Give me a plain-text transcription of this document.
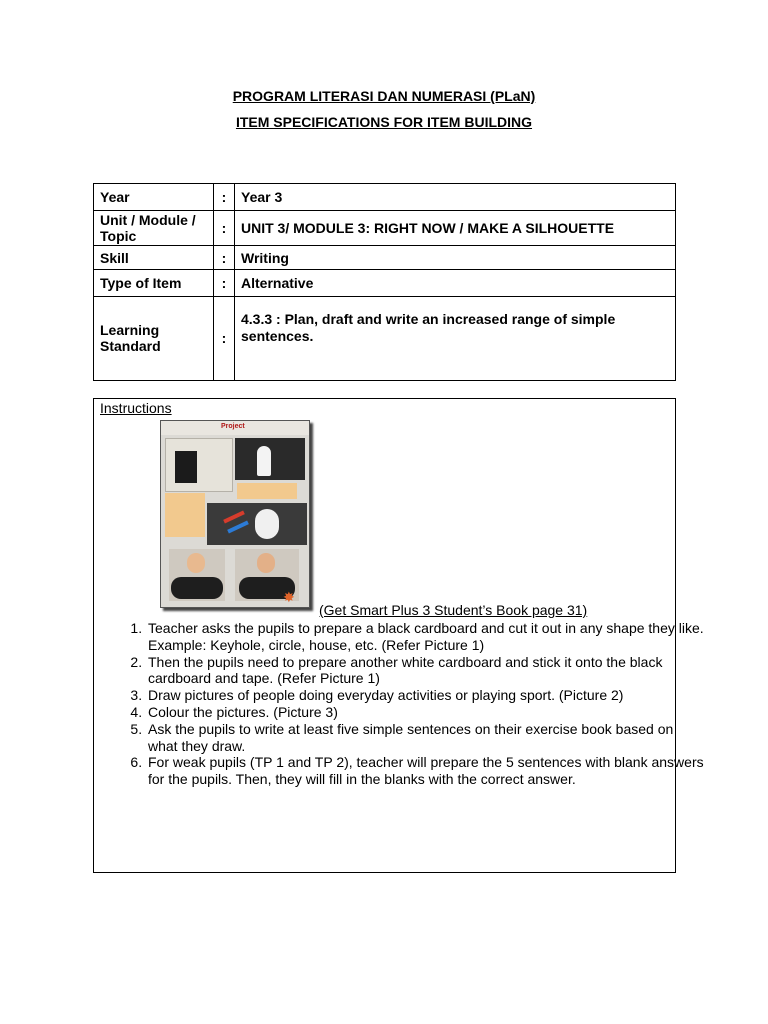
PROGRAM LITERASI DAN NUMERASI (PLaN)
ITEM SPECIFICATIONS FOR ITEM BUILDING
Year	:	Year 3
Unit / Module / Topic	:	UNIT 3/ MODULE 3: RIGHT NOW / MAKE A SILHOUETTE
Skill	:	Writing
Type of Item	:	Alternative
Learning Standard	:	4.3.3 : Plan, draft and write an increased range of simple sentences.
Instructions
Project
✸
(Get Smart Plus 3 Student’s Book page 31)
1. Teacher asks the pupils to prepare a black cardboard and cut it out in any shape they like.
Example: Keyhole, circle, house, etc. (Refer Picture 1)
2. Then the pupils need to prepare another white cardboard and stick it onto the black cardboard and tape. (Refer Picture 1)
3. Draw pictures of people doing everyday activities or playing sport. (Picture 2)
4. Colour the pictures. (Picture 3)
5. Ask the pupils to write at least five simple sentences on their exercise book based on what they draw.
6. For weak pupils (TP 1 and TP 2), teacher will prepare the 5 sentences with blank answers for the pupils. Then, they will fill in the blanks with the correct answer.
